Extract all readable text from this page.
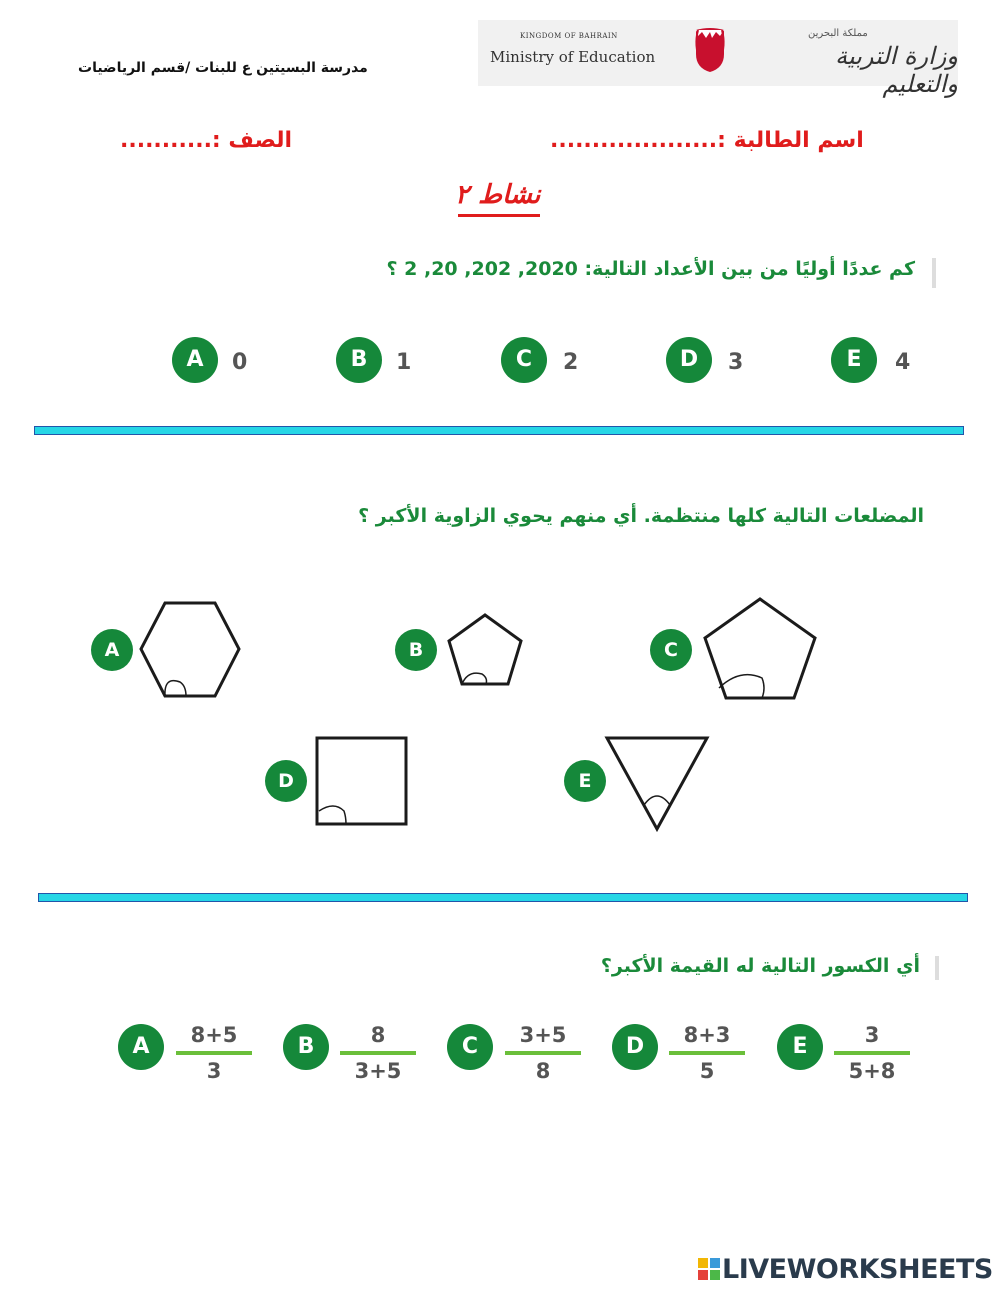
مدرسة البسيتين ع للبنات /قسم الرياضيات
KINGDOM OF BAHRAIN
Ministry of Education
مملكة البحرين
وزارة التربية والتعليم
اسم الطالبة :....................
الصف :...........
نشاط ٢
كم عددًا أوليًا من بين الأعداد التالية: 2020, 202, 20, 2 ؟
A	0	B	1	C	2	D	3	E	4
المضلعات التالية كلها منتظمة. أي منهم يحوي الزاوية الأكبر ؟
A	B	C
D	E
أي الكسور التالية له القيمة الأكبر؟
A	8+5
3
B	8
3+5
C	3+5
8
D	8+3
5
E	3
5+8
LIVEWORKSHEETS
